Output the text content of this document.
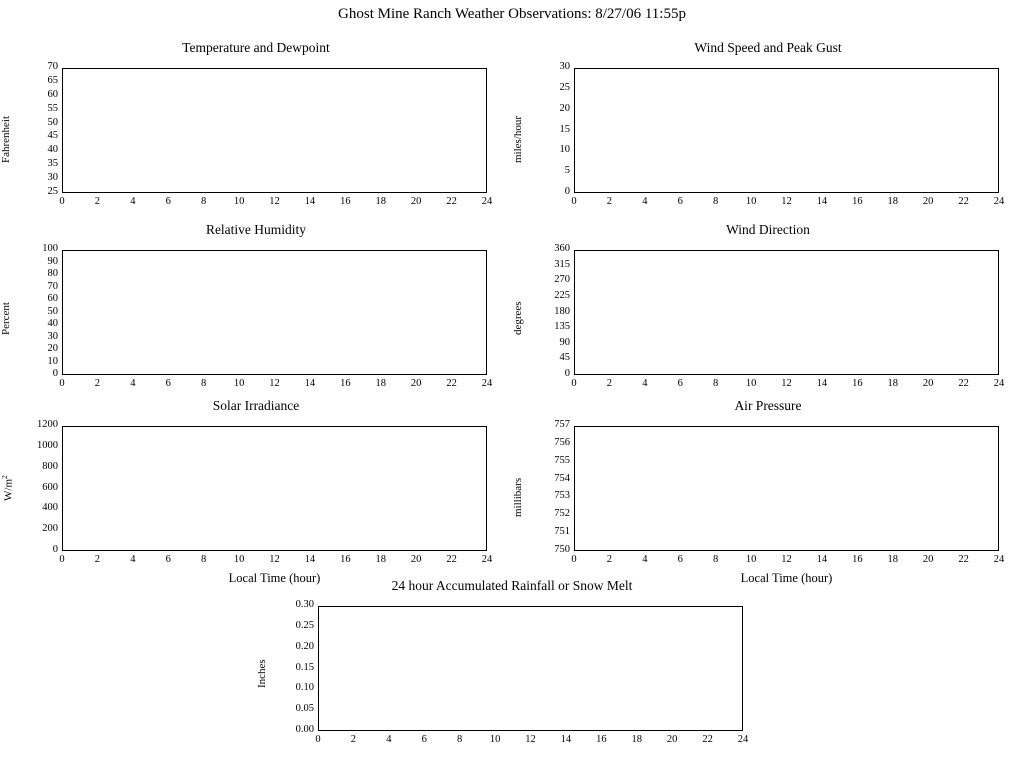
Ghost Mine Ranch Weather Observations: 8/27/06 11:55p
Temperature and Dewpoint
25
30
35
40
45
50
55
60
65
70
0	2	4	6	8	10	12	14	16	18	20	22	24
Fahrenheit
Wind Speed and Peak Gust
0
5
10
15
20
25
30
0	2	4	6	8	10	12	14	16	18	20	22	24
miles/hour
Relative Humidity
0
10
20
30
40
50
60
70
80
90
100
0	2	4	6	8	10	12	14	16	18	20	22	24
Percent
Wind Direction
0
45
90
135
180
225
270
315
360
0	2	4	6	8	10	12	14	16	18	20	22	24
degrees
Solar Irradiance
0
200
400
600
800
1000
1200
0	2	4	6	8	10	12	14	16	18	20	22	24
$W/m^2$
Local Time (hour)
Air Pressure
750
751
752
753
754
755
756
757
0	2	4	6	8	10	12	14	16	18	20	22	24
millibars
Local Time (hour)
24 hour Accumulated Rainfall or Snow Melt
0.00
0.05
0.10
0.15
0.20
0.25
0.30
0	2	4	6	8	10	12	14	16	18	20	22	24
Inches
